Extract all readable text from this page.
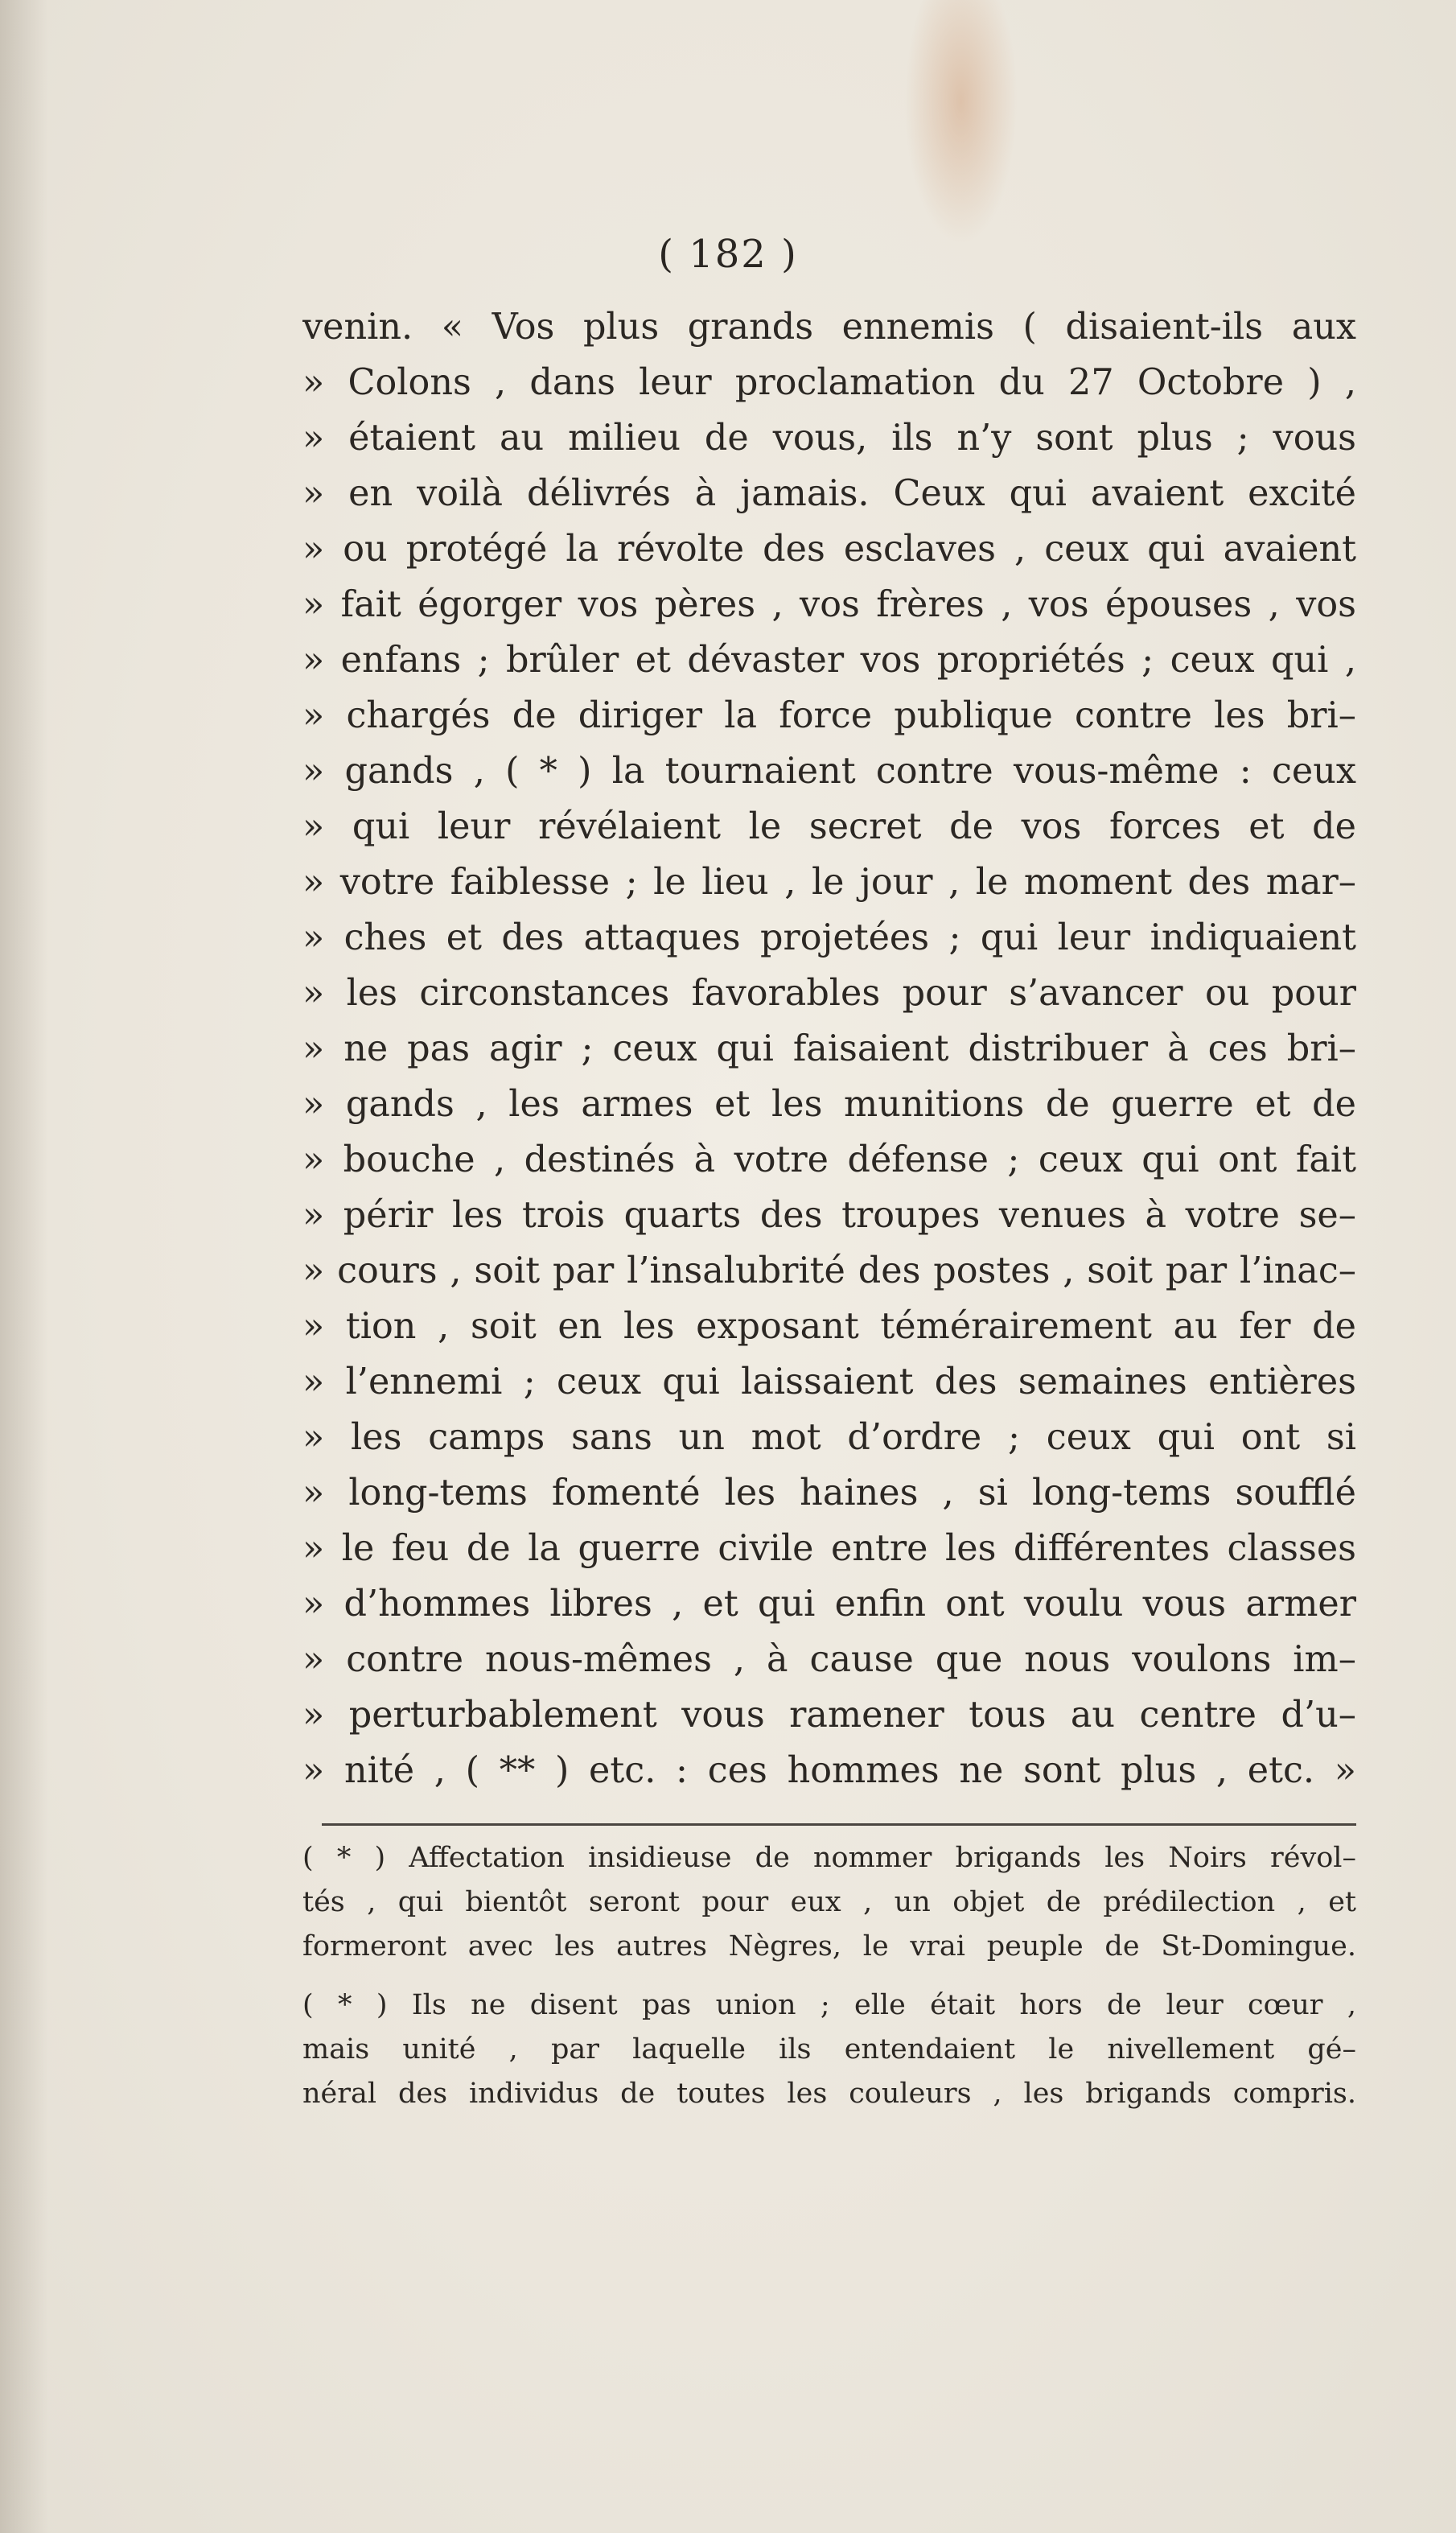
( 182 )
venin. « Vos plus grands ennemis ( disaient-ils aux
» Colons , dans leur proclamation du 27 Octobre ) ,
» étaient au milieu de vous, ils n’y sont plus ; vous
» en voilà délivrés à jamais. Ceux qui avaient excité
» ou protégé la révolte des esclaves , ceux qui avaient
» fait égorger vos pères , vos frères , vos épouses , vos
» enfans ; brûler et dévaster vos propriétés ; ceux qui ,
» chargés de diriger la force publique contre les bri–
» gands , ( * ) la tournaient contre vous-même : ceux
» qui leur révélaient le secret de vos forces et de
» votre faiblesse ; le lieu , le jour , le moment des mar–
» ches et des attaques projetées ; qui leur indiquaient
» les circonstances favorables pour s’avancer ou pour
» ne pas agir ; ceux qui faisaient distribuer à ces bri–
» gands , les armes et les munitions de guerre et de
» bouche , destinés à votre défense ; ceux qui ont fait
» périr les trois quarts des troupes venues à votre se–
» cours , soit par l’insalubrité des postes , soit par l’inac–
» tion , soit en les exposant témérairement au fer de
» l’ennemi ; ceux qui laissaient des semaines entières
» les camps sans un mot d’ordre ; ceux qui ont si
» long-tems fomenté les haines , si long-tems soufflé
» le feu de la guerre civile entre les différentes classes
» d’hommes libres , et qui enfin ont voulu vous armer
» contre nous-mêmes , à cause que nous voulons im–
» perturbablement vous ramener tous au centre d’u–
» nité , ( ** ) etc. : ces hommes ne sont plus , etc. »
( * ) Affectation insidieuse de nommer brigands les Noirs révol–
tés , qui bientôt seront pour eux , un objet de prédilection , et
formeront avec les autres Nègres, le vrai peuple de St-Domingue.
( * ) Ils ne disent pas union ; elle était hors de leur cœur ,
mais unité , par laquelle ils entendaient le nivellement gé–
néral des individus de toutes les couleurs , les brigands compris.
